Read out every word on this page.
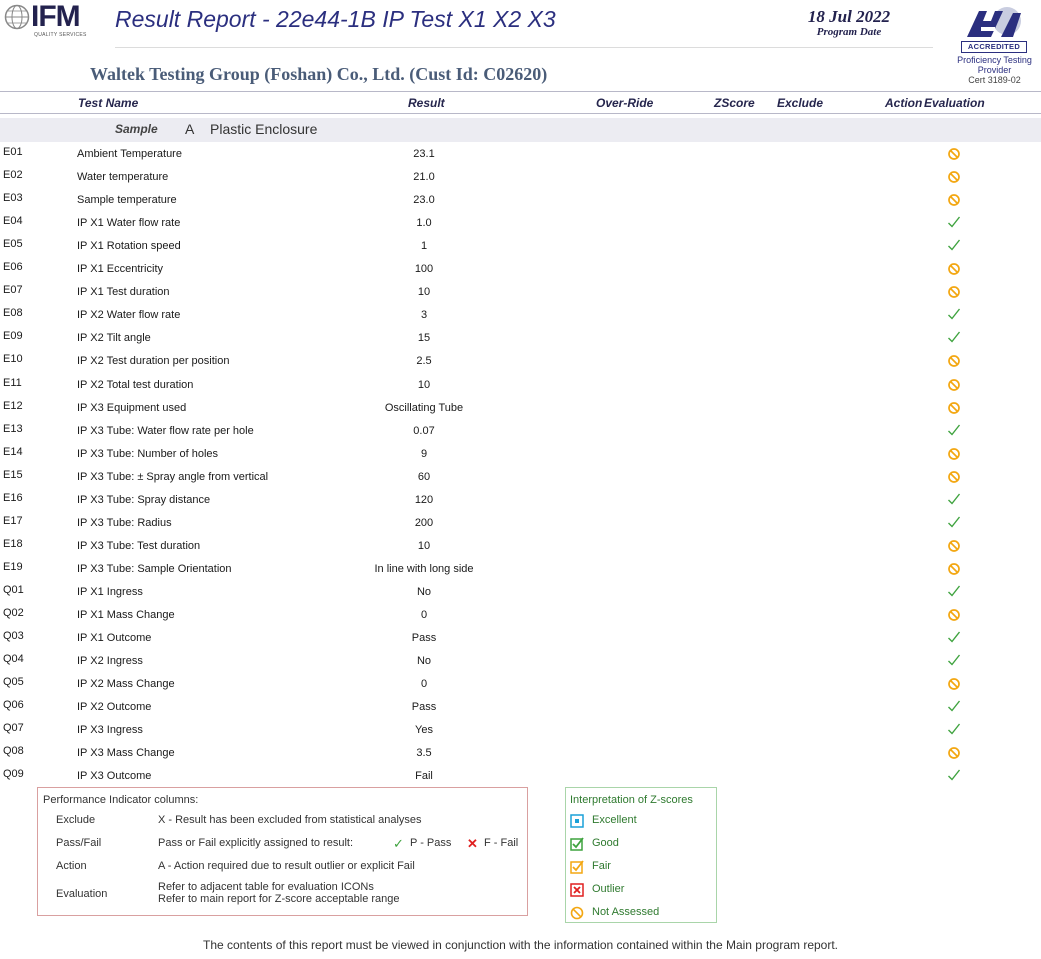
IFM
QUALITY SERVICES
Result Report - 22e44-1B IP Test X1 X2 X3	18 Jul 2022
Program Date
Waltek Testing Group (Foshan) Co., Ltd. (Cust Id: C02620)
ACCREDITED
Proficiency Testing
Provider
Cert 3189-02
Test Name	Result	Over-Ride	ZScore Exclude	Action Evaluation
Sample A Plastic Enclosure
E01	Ambient Temperature	23.1
E02	Water temperature	21.0
E03	Sample temperature	23.0
E04	IP X1 Water flow rate	1.0
E05	IP X1 Rotation speed	1
E06	IP X1 Eccentricity	100
E07	IP X1 Test duration	10
E08	IP X2 Water flow rate	3
E09	IP X2 Tilt angle	15
E10	IP X2 Test duration per position	2.5
E11	IP X2 Total test duration	10
E12	IP X3 Equipment used	Oscillating Tube
E13	IP X3 Tube: Water flow rate per hole	0.07
E14	IP X3 Tube: Number of holes	9
E15	IP X3 Tube: ± Spray angle from vertical	60
E16	IP X3 Tube: Spray distance	120
E17	IP X3 Tube: Radius	200
E18	IP X3 Tube: Test duration	10
E19	IP X3 Tube: Sample Orientation	In line with long side
Q01	IP X1 Ingress	No
Q02	IP X1 Mass Change	0
Q03	IP X1 Outcome	Pass
Q04	IP X2 Ingress	No
Q05	IP X2 Mass Change	0
Q06	IP X2 Outcome	Pass
Q07	IP X3 Ingress	Yes
Q08	IP X3 Mass Change	3.5
Q09	IP X3 Outcome	Fail
Performance Indicator columns:
Exclude	X - Result has been excluded from statistical analyses
Pass/Fail	Pass or Fail explicitly assigned to result:	✓ P - Pass ✕ F - Fail
Action	A - Action required due to result outlier or explicit Fail
Evaluation
Refer to adjacent table for evaluation ICONs
Refer to main report for Z-score acceptable range
Interpretation of Z-scores
Excellent
Good
Fair
Outlier
Not Assessed
The contents of this report must be viewed in conjunction with the information contained within the Main program report.
